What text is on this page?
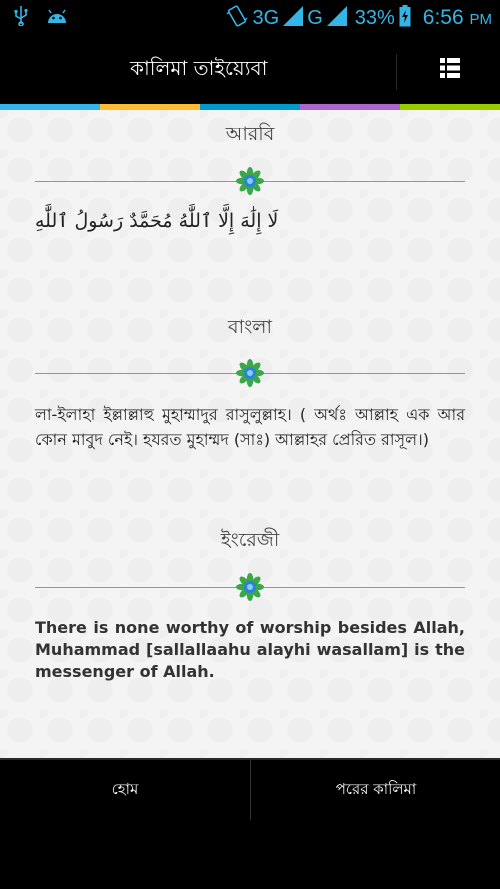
3G G 33% 6:56 PM
কালিমা তাইয়্যেবা
আরবি
لَا إِلَٰهَ إِلَّا ٱللَّٰهُ مُحَمَّدٌ رَسُولُ ٱللَّٰهِ
বাংলা
লা-ইলাহা ইল্লাল্লাহু মুহাম্মাদুর রাসুলুল্লাহ। ( অর্থঃ আল্লাহ এক আর কোন মাবুদ নেই। হযরত মুহাম্মদ (সাঃ) আল্লাহর প্রেরিত রাসূল।)
ইংরেজী
There is none worthy of worship besides Allah, Muhammad [sallallaahu alayhi wasallam] is the messenger of Allah.
হোম	পরের কালিমা
